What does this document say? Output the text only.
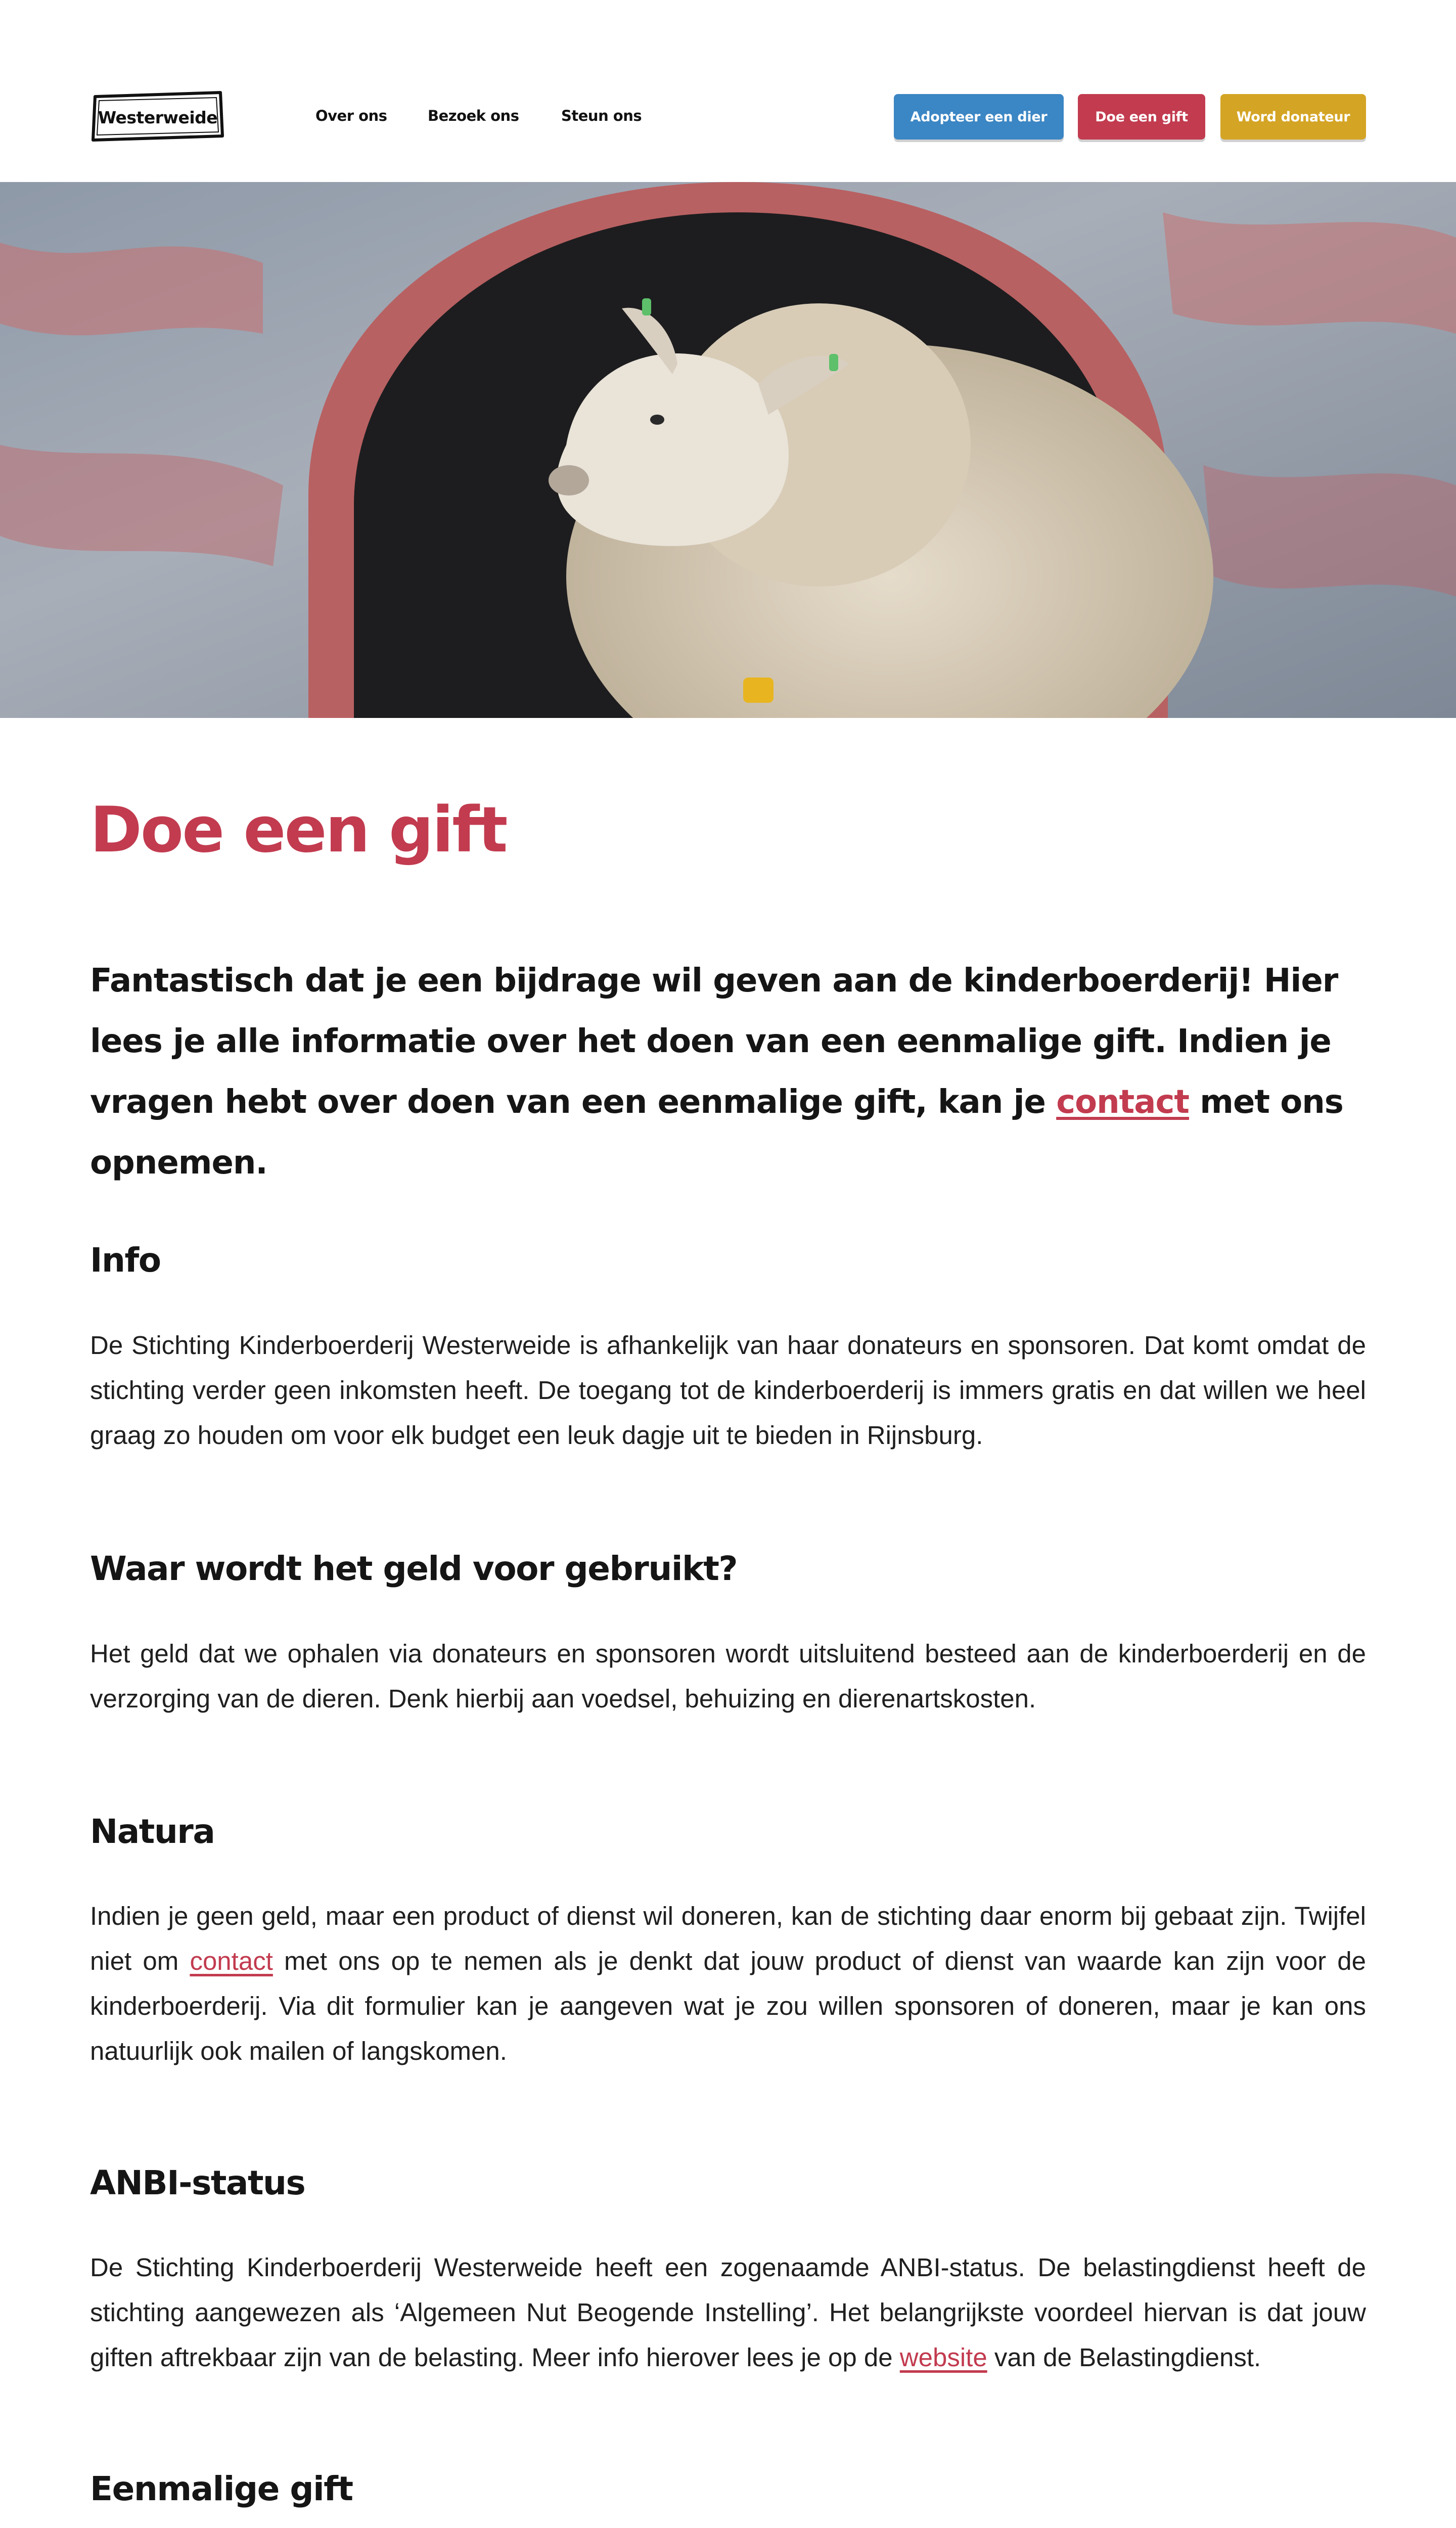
Westerweide	Over ons	Bezoek ons	Steun ons	Adopteer een dier	Doe een gift	Word donateur
Doe een gift

Fantastisch dat je een bijdrage wil geven aan de kinderboerderij! Hier lees je alle informatie over het doen van een eenmalige gift. Indien je vragen hebt over doen van een eenmalige gift, kan je contact met ons opnemen.

Info

De Stichting Kinderboerderij Westerweide is afhankelijk van haar donateurs en sponsoren. Dat komt omdat de stichting verder geen inkomsten heeft. De toegang tot de kinderboerderij is immers gratis en dat willen we heel graag zo houden om voor elk budget een leuk dagje uit te bieden in Rijnsburg.

Waar wordt het geld voor gebruikt?

Het geld dat we ophalen via donateurs en sponsoren wordt uitsluitend besteed aan de kinderboerderij en de verzorging van de dieren. Denk hierbij aan voedsel, behuizing en dierenartskosten.

Natura

Indien je geen geld, maar een product of dienst wil doneren, kan de stichting daar enorm bij gebaat zijn. Twijfel niet om contact met ons op te nemen als je denkt dat jouw product of dienst van waarde kan zijn voor de kinderboerderij. Via dit formulier kan je aangeven wat je zou willen sponsoren of doneren, maar je kan ons natuurlijk ook mailen of langskomen.

ANBI-status

De Stichting Kinderboerderij Westerweide heeft een zogenaamde ANBI-status. De belastingdienst heeft de stichting aangewezen als ‘Algemeen Nut Beogende Instelling’. Het belangrijkste voordeel hiervan is dat jouw giften aftrekbaar zijn van de belasting. Meer info hierover lees je op de website van de Belastingdienst.

Eenmalige gift
